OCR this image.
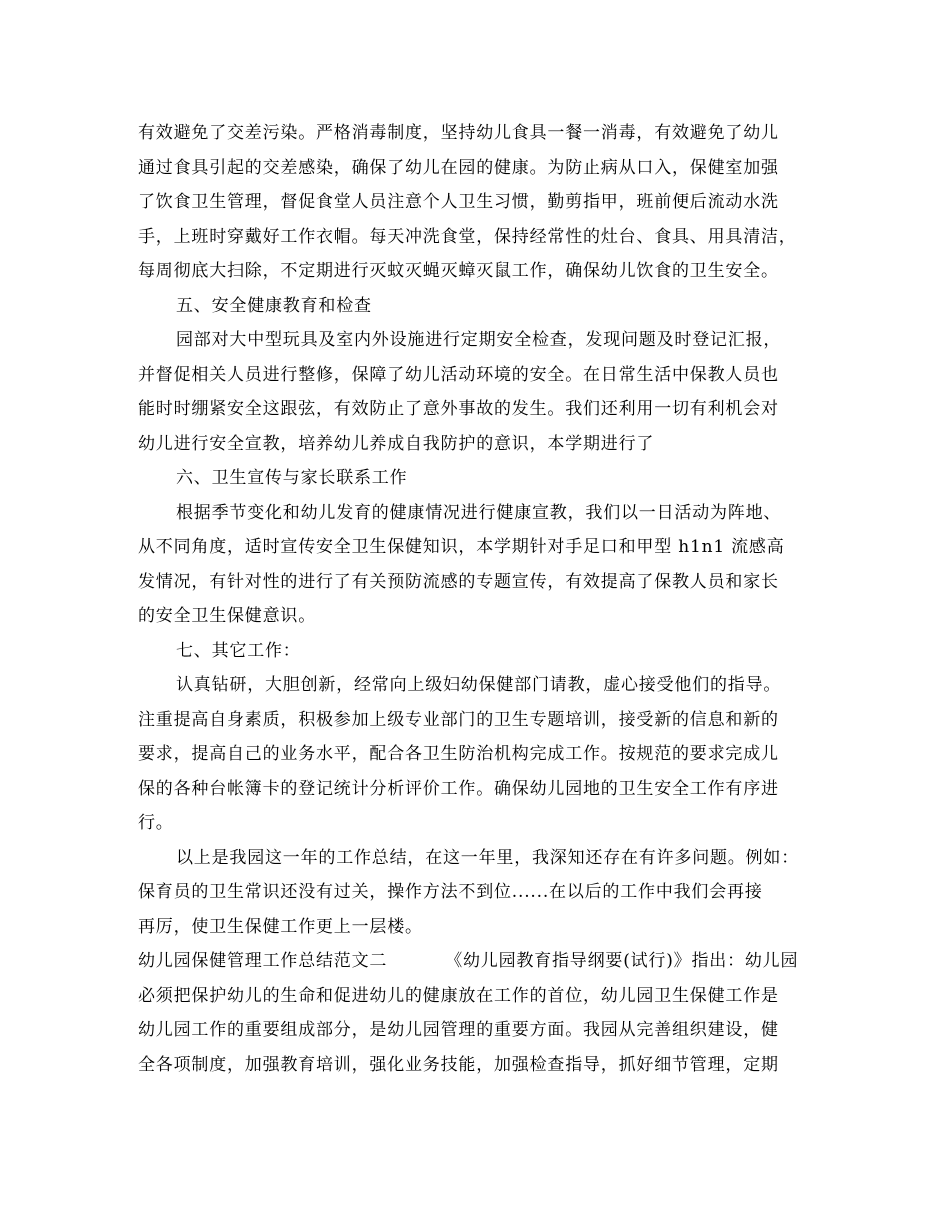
有效避免了交差污染。严格消毒制度，坚持幼儿食具一餐一消毒，有效避免了幼儿
通过食具引起的交差感染，确保了幼儿在园的健康。为防止病从口入，保健室加强
了饮食卫生管理，督促食堂人员注意个人卫生习惯，勤剪指甲，班前便后流动水洗
手，上班时穿戴好工作衣帽。每天冲洗食堂，保持经常性的灶台、食具、用具清洁，
每周彻底大扫除，不定期进行灭蚊灭蝇灭蟑灭鼠工作，确保幼儿饮食的卫生安全。
五、安全健康教育和检查
园部对大中型玩具及室内外设施进行定期安全检查，发现问题及时登记汇报，
并督促相关人员进行整修，保障了幼儿活动环境的安全。在日常生活中保教人员也
能时时绷紧安全这跟弦，有效防止了意外事故的发生。我们还利用一切有利机会对
幼儿进行安全宣教，培养幼儿养成自我防护的意识，本学期进行了
六、卫生宣传与家长联系工作
根据季节变化和幼儿发育的健康情况进行健康宣教，我们以一日活动为阵地、
从不同角度，适时宣传安全卫生保健知识，本学期针对手足口和甲型 h1n1 流感高
发情况，有针对性的进行了有关预防流感的专题宣传，有效提高了保教人员和家长
的安全卫生保健意识。
七、其它工作：
认真钻研，大胆创新，经常向上级妇幼保健部门请教，虚心接受他们的指导。
注重提高自身素质，积极参加上级专业部门的卫生专题培训，接受新的信息和新的
要求，提高自己的业务水平，配合各卫生防治机构完成工作。按规范的要求完成儿
保的各种台帐簿卡的登记统计分析评价工作。确保幼儿园地的卫生安全工作有序进
行。
以上是我园这一年的工作总结，在这一年里，我深知还存在有许多问题。例如：
保育员的卫生常识还没有过关，操作方法不到位......在以后的工作中我们会再接
再厉，使卫生保健工作更上一层楼。
幼儿园保健管理工作总结范文二	《幼儿园教育指导纲要(试行)》指出：幼儿园
必须把保护幼儿的生命和促进幼儿的健康放在工作的首位，幼儿园卫生保健工作是
幼儿园工作的重要组成部分，是幼儿园管理的重要方面。我园从完善组织建设，健
全各项制度，加强教育培训，强化业务技能，加强检查指导，抓好细节管理，定期
